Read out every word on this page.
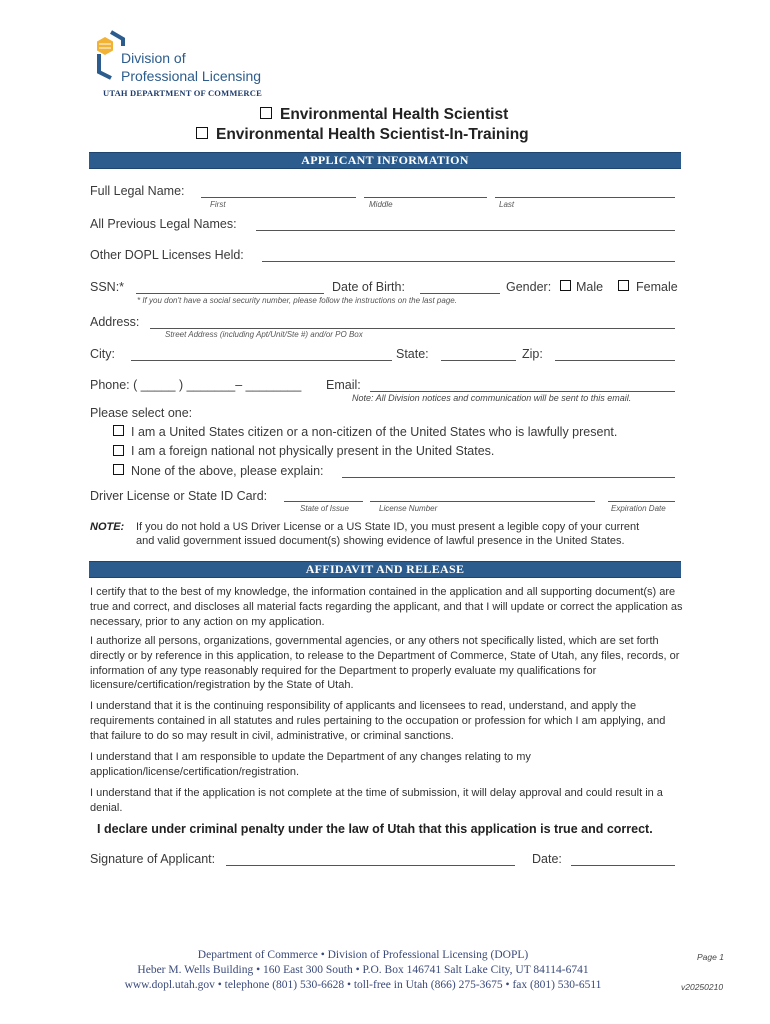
Division of
Professional Licensing
UTAH DEPARTMENT OF COMMERCE
Environmental Health Scientist
Environmental Health Scientist-In-Training
APPLICANT INFORMATION
Full Legal Name:
First	Middle	Last
All Previous Legal Names:
Other DOPL Licenses Held:
SSN:*	Date of Birth:	Gender: Male	Female
* If you don't have a social security number, please follow the instructions on the last page.
Address:
Street Address (including Apt/Unit/Ste #) and/or PO Box
City:	State:	Zip:
Phone: ( _____ ) _______– ________ Email:
Note: All Division notices and communication will be sent to this email.
Please select one:
I am a United States citizen or a non-citizen of the United States who is lawfully present.
I am a foreign national not physically present in the United States.
None of the above, please explain:
Driver License or State ID Card:
State of Issue	License Number	Expiration Date
NOTE: If you do not hold a US Driver License or a US State ID, you must present a legible copy of your current
and valid government issued document(s) showing evidence of lawful presence in the United States.
AFFIDAVIT AND RELEASE
I certify that to the best of my knowledge, the information contained in the application and all supporting document(s) are true and correct, and discloses all material facts regarding the applicant, and that I will update or correct the application as necessary, prior to any action on my application.
I authorize all persons, organizations, governmental agencies, or any others not specifically listed, which are set forth directly or by reference in this application, to release to the Department of Commerce, State of Utah, any files, records, or information of any type reasonably required for the Department to properly evaluate my qualifications for licensure/certification/registration by the State of Utah.
I understand that it is the continuing responsibility of applicants and licensees to read, understand, and apply the requirements contained in all statutes and rules pertaining to the occupation or profession for which I am applying, and that failure to do so may result in civil, administrative, or criminal sanctions.
I understand that I am responsible to update the Department of any changes relating to my application/license/certification/registration.
I understand that if the application is not complete at the time of submission, it will delay approval and could result in a denial.
I declare under criminal penalty under the law of Utah that this application is true and correct.
Signature of Applicant:	Date:
Department of Commerce • Division of Professional Licensing (DOPL)
Heber M. Wells Building • 160 East 300 South • P.O. Box 146741 Salt Lake City, UT 84114-6741
www.dopl.utah.gov • telephone (801) 530-6628 • toll-free in Utah (866) 275-3675 • fax (801) 530-6511
Page 1
v20250210
